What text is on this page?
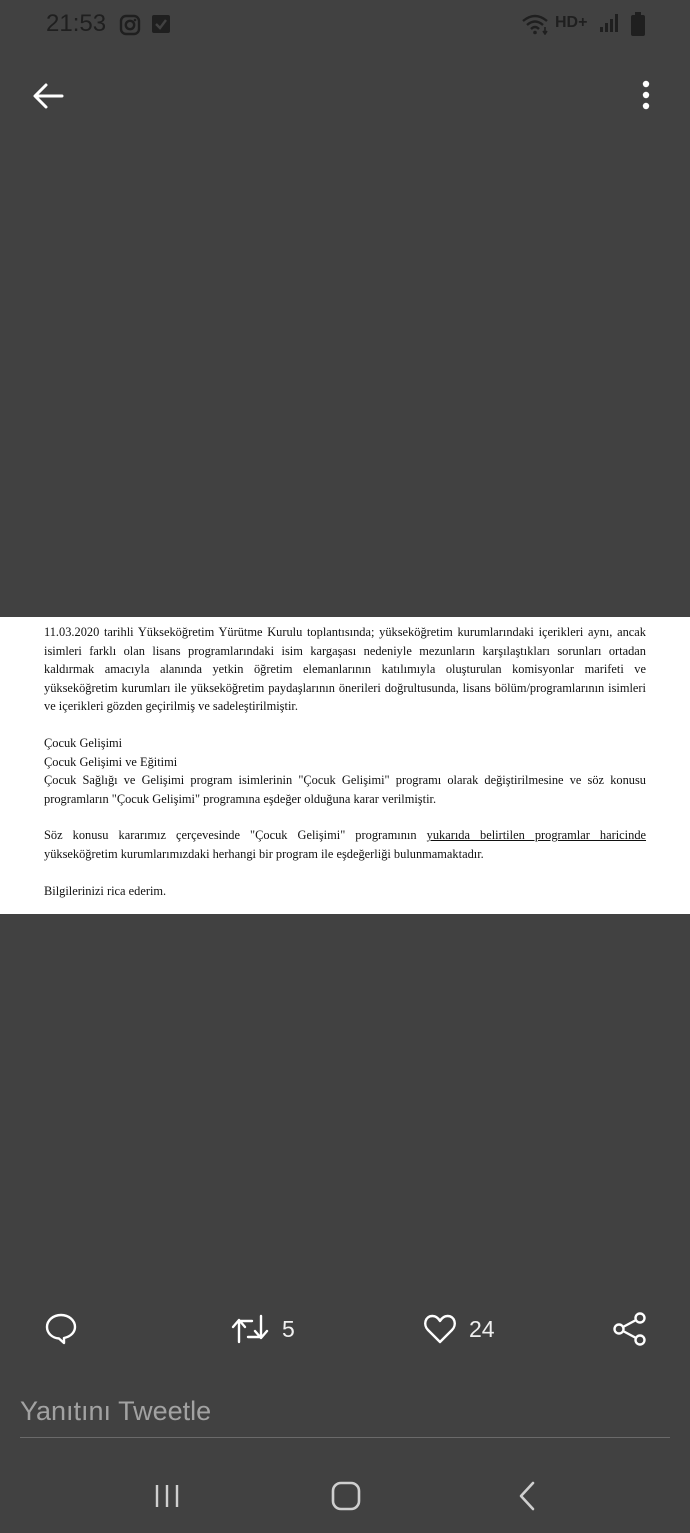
21:53	HD+

11.03.2020 tarihli Yükseköğretim Yürütme Kurulu toplantısında; yükseköğretim kurumlarındaki içerikleri aynı, ancak isimleri farklı olan lisans programlarındaki isim kargaşası nedeniyle mezunların karşılaştıkları sorunları ortadan kaldırmak amacıyla alanında yetkin öğretim elemanlarının katılımıyla oluşturulan komisyonlar marifeti ve yükseköğretim kurumları ile yükseköğretim paydaşlarının önerileri doğrultusunda, lisans bölüm/programlarının isimleri ve içerikleri gözden geçirilmiş ve sadeleştirilmiştir.

Çocuk Gelişimi

Çocuk Gelişimi ve Eğitimi

Çocuk Sağlığı ve Gelişimi program isimlerinin "Çocuk Gelişimi" programı olarak değiştirilmesine ve söz konusu programların "Çocuk Gelişimi" programına eşdeğer olduğuna karar verilmiştir.

Söz konusu kararımız çerçevesinde "Çocuk Gelişimi" programının yukarıda belirtilen programlar haricinde yükseköğretim kurumlarımızdaki herhangi bir program ile eşdeğerliği bulunmamaktadır.

Bilgilerinizi rica ederim.

5	24
Yanıtını Tweetle
